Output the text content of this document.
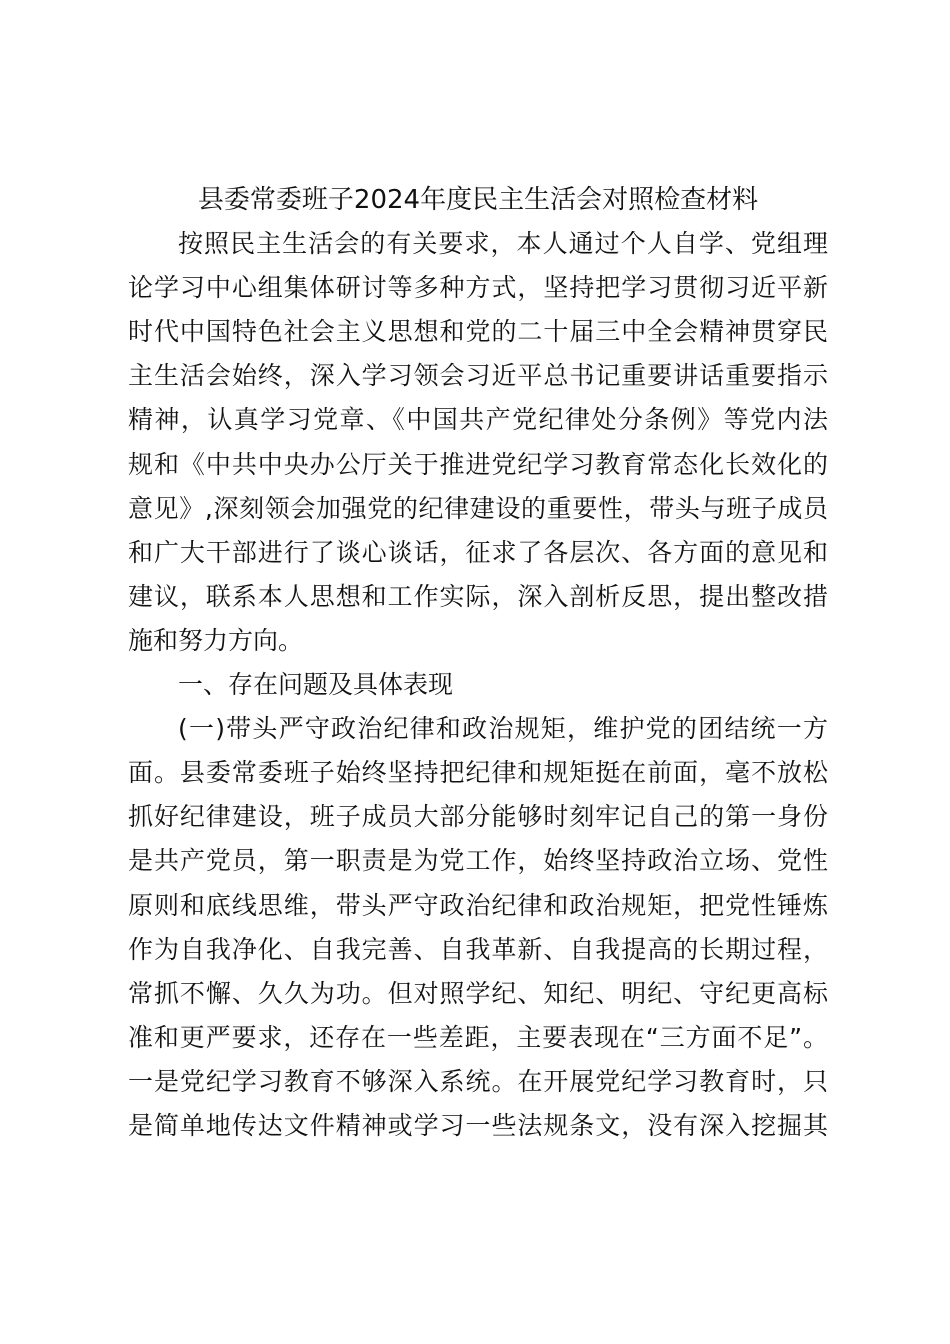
县委常委班子2024年度民主生活会对照检查材料
按照民主生活会的有关要求，本人通过个人自学、党组理
论学习中心组集体研讨等多种方式，坚持把学习贯彻习近平新
时代中国特色社会主义思想和党的二十届三中全会精神贯穿民
主生活会始终，深入学习领会习近平总书记重要讲话重要指示
精神，认真学习党章、《中国共产党纪律处分条例》等党内法
规和《中共中央办公厅关于推进党纪学习教育常态化长效化的
意见》,深刻领会加强党的纪律建设的重要性，带头与班子成员
和广大干部进行了谈心谈话，征求了各层次、各方面的意见和
建议，联系本人思想和工作实际，深入剖析反思，提出整改措
施和努力方向。
一、存在问题及具体表现
(一)带头严守政治纪律和政治规矩，维护党的团结统一方
面。县委常委班子始终坚持把纪律和规矩挺在前面，毫不放松
抓好纪律建设，班子成员大部分能够时刻牢记自己的第一身份
是共产党员，第一职责是为党工作，始终坚持政治立场、党性
原则和底线思维，带头严守政治纪律和政治规矩，把党性锤炼
作为自我净化、自我完善、自我革新、自我提高的长期过程，
常抓不懈、久久为功。但对照学纪、知纪、明纪、守纪更高标
准和更严要求，还存在一些差距，主要表现在“三方面不足”。
一是党纪学习教育不够深入系统。在开展党纪学习教育时，只
是简单地传达文件精神或学习一些法规条文，没有深入挖掘其
